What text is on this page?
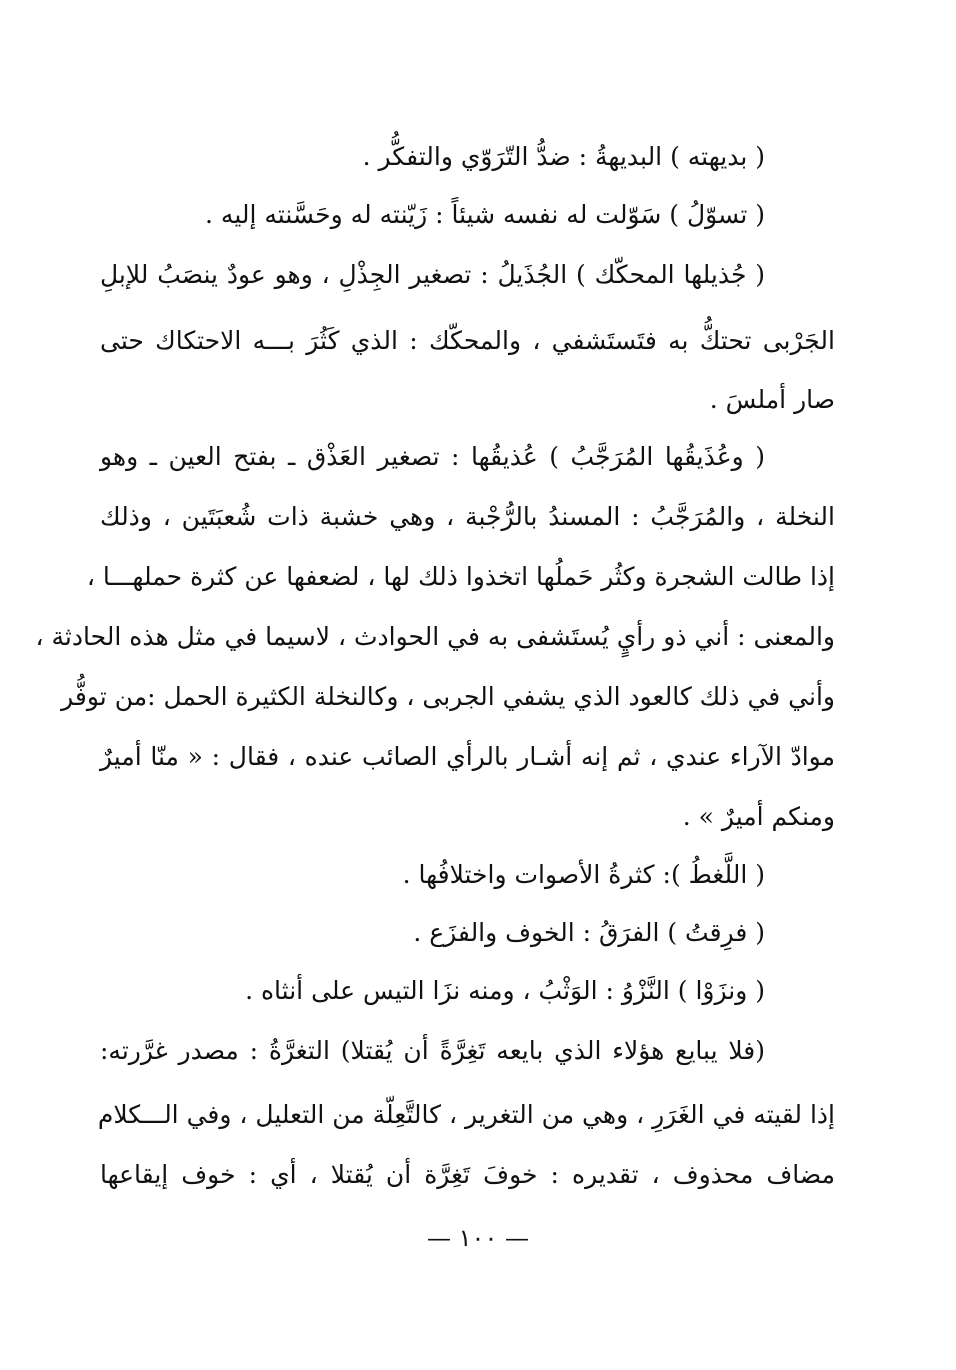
( بديهته ) البديهةُ : ضدُّ التّرَوّي والتفكُّر .
( تسوّلُ ) سَوّلت له نفسه شيئاً : زَيّنته له وحَسَّنته إليه .
( جُذيلها المحكّك ) الجُذَيلُ : تصغير الجِذْلِ ، وهو عودٌ ينصَبُ للإبلِ
الجَرْبى تحتكُّ به فتَستَشفي ، والمحكّك : الذي كَثُرَ بـــه الاحتكاك حتى
صار أملسَ .
( وعُذَيقُها المُرَجَّبُ ) عُذيقُها : تصغير العَذْق ـ بفتح العين ـ وهو
النخلة ، والمُرَجَّبُ : المسندُ بالرُّجْبة ، وهي خشبة ذات شُعبَتَين ، وذلك
إذا طالت الشجرة وكثُر حَملُها اتخذوا ذلك لها ، لضعفها عن كثرة حملهـــا ،
والمعنى : أني ذو رأيٍ يُستَشفى به في الحوادث ، لاسيما في مثل هذه الحادثة ،
وأني في ذلك كالعود الذي يشفي الجربى ، وكالنخلة الكثيرة الحمل :من توفُّر
موادّ الآراء عندي ، ثم إنه أشـار بالرأي الصائب عنده ، فقال : « منّا أميرٌ
ومنكم أميرٌ » .
( اللَّغطُ ): كثرةُ الأصوات واختلافُها .
( فرِقتُ ) الفرَقُ : الخوف والفزَع .
( ونزَوْا ) النَّزْوُ : الوَثْبُ ، ومنه نزَا التيس على أنثاه .
(فلا يبايع هؤلاء الذي بايعه تَغِرَّةً أن يُقتلا) التغرَّةُ : مصدر غرَّرته:
إذا لقيته في الغَرَرِ ، وهي من التغرير ، كالتَّعِلّة من التعليل ، وفي الـــكلام
مضاف محذوف ، تقديره : خوفَ تَغِرَّة أن يُقتلا ، أي : خوف إيقاعها
— ١٠٠ —
